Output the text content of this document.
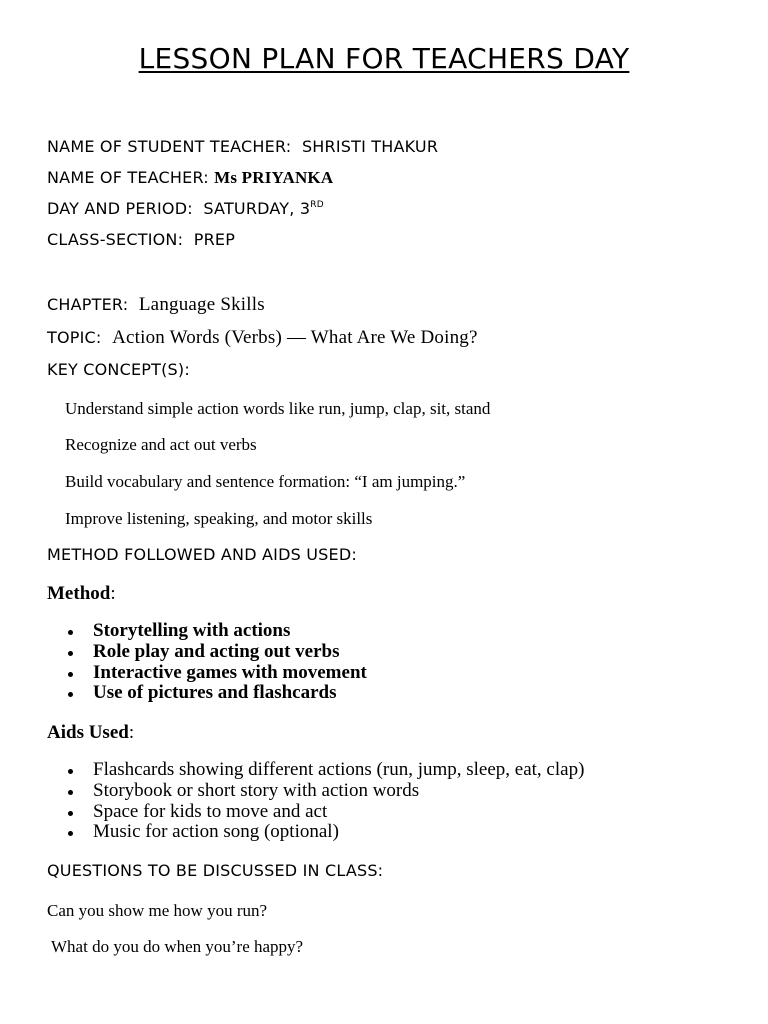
LESSON PLAN FOR TEACHERS DAY
NAME OF STUDENT TEACHER: SHRISTI THAKUR
NAME OF TEACHER: Ms PRIYANKA
DAY AND PERIOD: SATURDAY, 3RD
CLASS-SECTION: PREP
CHAPTER: Language Skills
TOPIC: Action Words (Verbs) — What Are We Doing?
KEY CONCEPT(S):
Understand simple action words like run, jump, clap, sit, stand
Recognize and act out verbs
Build vocabulary and sentence formation: “I am jumping.”
Improve listening, speaking, and motor skills
METHOD FOLLOWED AND AIDS USED:
Method:
Storytelling with actions
Role play and acting out verbs
Interactive games with movement
Use of pictures and flashcards
Aids Used:
Flashcards showing different actions (run, jump, sleep, eat, clap)
Storybook or short story with action words
Space for kids to move and act
Music for action song (optional)
QUESTIONS TO BE DISCUSSED IN CLASS:
Can you show me how you run?
What do you do when you’re happy?
